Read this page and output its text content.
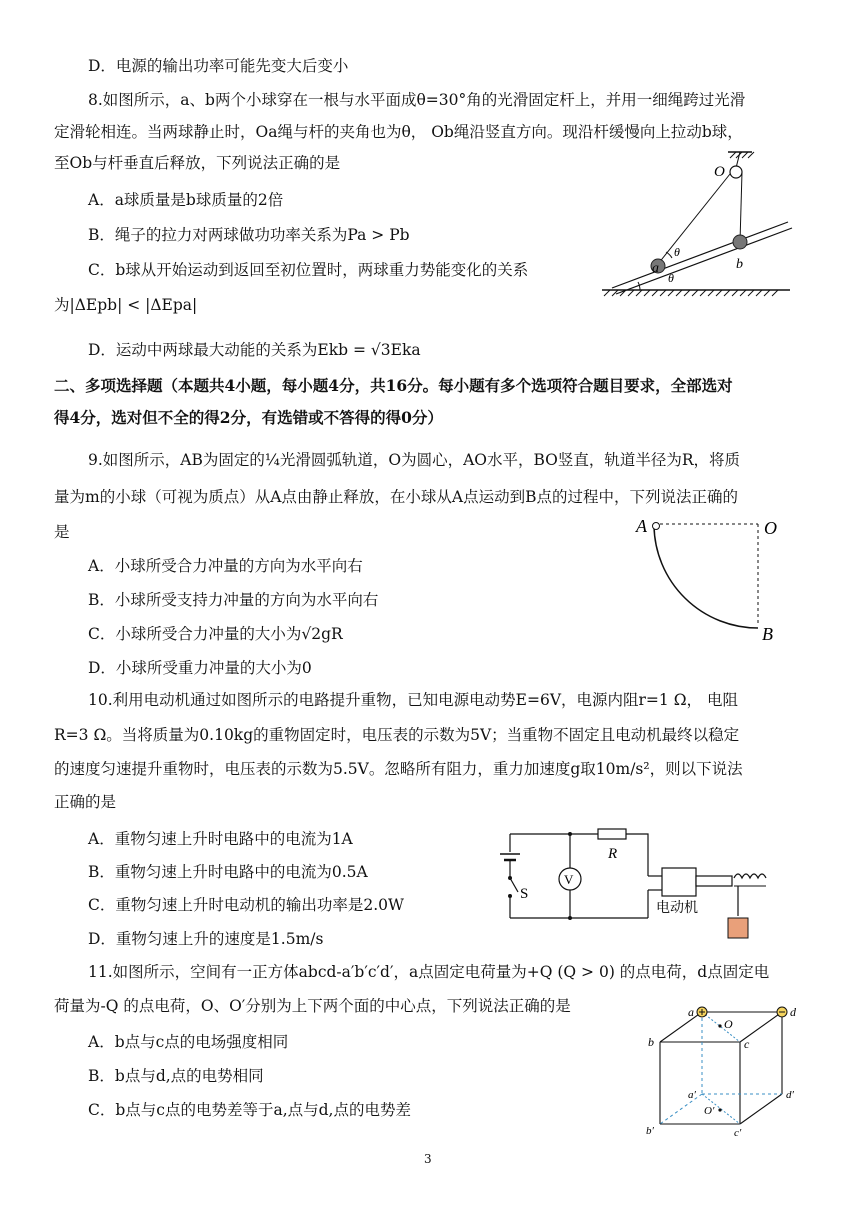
D．电源的输出功率可能先变大后变小
8.如图所示，a、b两个小球穿在一根与水平面成θ=30°角的光滑固定杆上，并用一细绳跨过光滑
定滑轮相连。当两球静止时，Oa绳与杆的夹角也为θ， Ob绳沿竖直方向。现沿杆缓慢向上拉动b球，
至Ob与杆垂直后释放，下列说法正确的是
A．a球质量是b球质量的2倍
B．绳子的拉力对两球做功功率关系为Pa > Pb
C．b球从开始运动到返回至初位置时，两球重力势能变化的关系
为|ΔEpb| < |ΔEpa|
D．运动中两球最大动能的关系为Ekb = √3Eka
O
a	b
θ
θ
二、多项选择题（本题共4小题，每小题4分，共16分。每小题有多个选项符合题目要求，全部选对
得4分，选对但不全的得2分，有选错或不答得的得0分）
9.如图所示，AB为固定的¼光滑圆弧轨道，O为圆心，AO水平，BO竖直，轨道半径为R，将质
量为m的小球（可视为质点）从A点由静止释放，在小球从A点运动到B点的过程中，下列说法正确的
是
A．小球所受合力冲量的方向为水平向右
B．小球所受支持力冲量的方向为水平向右
C．小球所受合力冲量的大小为√2gR
D．小球所受重力冲量的大小为0
A	O
B
10.利用电动机通过如图所示的电路提升重物，已知电源电动势E=6V，电源内阻r=1 Ω， 电阻
R=3 Ω。当将质量为0.10kg的重物固定时，电压表的示数为5V；当重物不固定且电动机最终以稳定
的速度匀速提升重物时，电压表的示数为5.5V。忽略所有阻力，重力加速度g取10m/s²，则以下说法
正确的是
A．重物匀速上升时电路中的电流为1A
B．重物匀速上升时电路中的电流为0.5A
C．重物匀速上升时电动机的输出功率是2.0W
D．重物匀速上升的速度是1.5m/s
S
V
R
电动机
11.如图所示，空间有一正方体abcd-a′b′c′d′，a点固定电荷量为+Q (Q > 0) 的点电荷，d点固定电
荷量为-Q 的点电荷，O、O′分别为上下两个面的中心点，下列说法正确的是
A．b点与c点的电场强度相同
B．b点与d,点的电势相同
C．b点与c点的电势差等于a,点与d,点的电势差
a	d
O
b	c
a′	d′
O′
b′	c′
3
